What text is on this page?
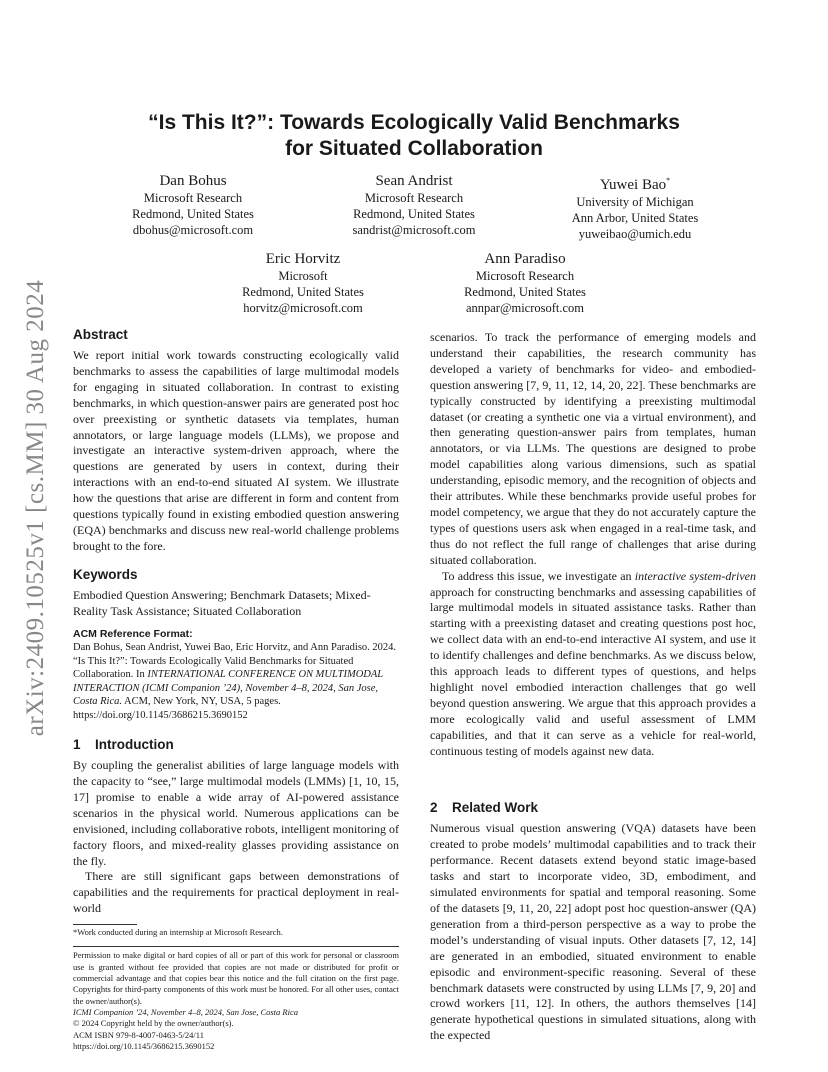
arXiv:2409.10525v1 [cs.MM] 30 Aug 2024
“Is This It?”: Towards Ecologically Valid Benchmarks
for Situated Collaboration
Dan Bohus
Microsoft Research
Redmond, United States
dbohus@microsoft.com
Sean Andrist
Microsoft Research
Redmond, United States
sandrist@microsoft.com
Yuwei Bao*
University of Michigan
Ann Arbor, United States
yuweibao@umich.edu
Eric Horvitz
Microsoft
Redmond, United States
horvitz@microsoft.com
Ann Paradiso
Microsoft Research
Redmond, United States
annpar@microsoft.com

Abstract

We report initial work towards constructing ecologically valid benchmarks to assess the capabilities of large multimodal models for engaging in situated collaboration. In contrast to existing benchmarks, in which question-answer pairs are generated post hoc over preexisting or synthetic datasets via templates, human annotators, or large language models (LLMs), we propose and investigate an interactive system-driven approach, where the questions are generated by users in context, during their interactions with an end-to-end situated AI system. We illustrate how the questions that arise are different in form and content from questions typically found in existing embodied question answering (EQA) benchmarks and discuss new real-world challenge problems brought to the fore.

Keywords

Embodied Question Answering; Benchmark Datasets; Mixed-Reality Task Assistance; Situated Collaboration

ACM Reference Format:

Dan Bohus, Sean Andrist, Yuwei Bao, Eric Horvitz, and Ann Paradiso. 2024. “Is This It?”: Towards Ecologically Valid Benchmarks for Situated Collaboration. In INTERNATIONAL CONFERENCE ON MULTIMODAL INTERACTION (ICMI Companion ’24), November 4–8, 2024, San Jose, Costa Rica. ACM, New York, NY, USA, 5 pages. https://doi.org/10.1145/3686215.3690152

1 Introduction

By coupling the generalist abilities of large language models with the capacity to “see,” large multimodal models (LMMs) [1, 10, 15, 17] promise to enable a wide array of AI-powered assistance scenarios in the physical world. Numerous applications can be envisioned, including collaborative robots, intelligent monitoring of factory floors, and mixed-reality glasses providing assistance on the fly.

There are still significant gaps between demonstrations of capabilities and the requirements for practical deployment in real-world

*Work conducted during an internship at Microsoft Research.

Permission to make digital or hard copies of all or part of this work for personal or classroom use is granted without fee provided that copies are not made or distributed for profit or commercial advantage and that copies bear this notice and the full citation on the first page. Copyrights for third-party components of this work must be honored. For all other uses, contact the owner/author(s).

ICMI Companion ’24, November 4–8, 2024, San Jose, Costa Rica

© 2024 Copyright held by the owner/author(s).

ACM ISBN 979-8-4007-0463-5/24/11

https://doi.org/10.1145/3686215.3690152

scenarios. To track the performance of emerging models and understand their capabilities, the research community has developed a variety of benchmarks for video- and embodied- question answering [7, 9, 11, 12, 14, 20, 22]. These benchmarks are typically constructed by identifying a preexisting multimodal dataset (or creating a synthetic one via a virtual environment), and then generating question-answer pairs from templates, human annotators, or via LLMs. The questions are designed to probe model capabilities along various dimensions, such as spatial understanding, episodic memory, and the recognition of objects and their attributes. While these benchmarks provide useful probes for model competency, we argue that they do not accurately capture the types of questions users ask when engaged in a real-time task, and thus do not reflect the full range of challenges that arise during situated collaboration.

To address this issue, we investigate an interactive system-driven approach for constructing benchmarks and assessing capabilities of large multimodal models in situated assistance tasks. Rather than starting with a preexisting dataset and creating questions post hoc, we collect data with an end-to-end interactive AI system, and use it to identify challenges and define benchmarks. As we discuss below, this approach leads to different types of questions, and helps highlight novel embodied interaction challenges that go well beyond question answering. We argue that this approach provides a more ecologically valid and useful assessment of LMM capabilities, and that it can serve as a vehicle for real-world, continuous testing of models against new data.

2 Related Work

Numerous visual question answering (VQA) datasets have been created to probe models’ multimodal capabilities and to track their performance. Recent datasets extend beyond static image-based tasks and start to incorporate video, 3D, embodiment, and simulated environments for spatial and temporal reasoning. Some of the datasets [9, 11, 20, 22] adopt post hoc question-answer (QA) generation from a third-person perspective as a way to probe the model’s understanding of visual inputs. Other datasets [7, 12, 14] are generated in an embodied, situated environment to enable episodic and environment-specific reasoning. Several of these benchmark datasets were constructed by using LLMs [7, 9, 20] and crowd workers [11, 12]. In others, the authors themselves [14] generate hypothetical questions in simulated situations, along with the expected
